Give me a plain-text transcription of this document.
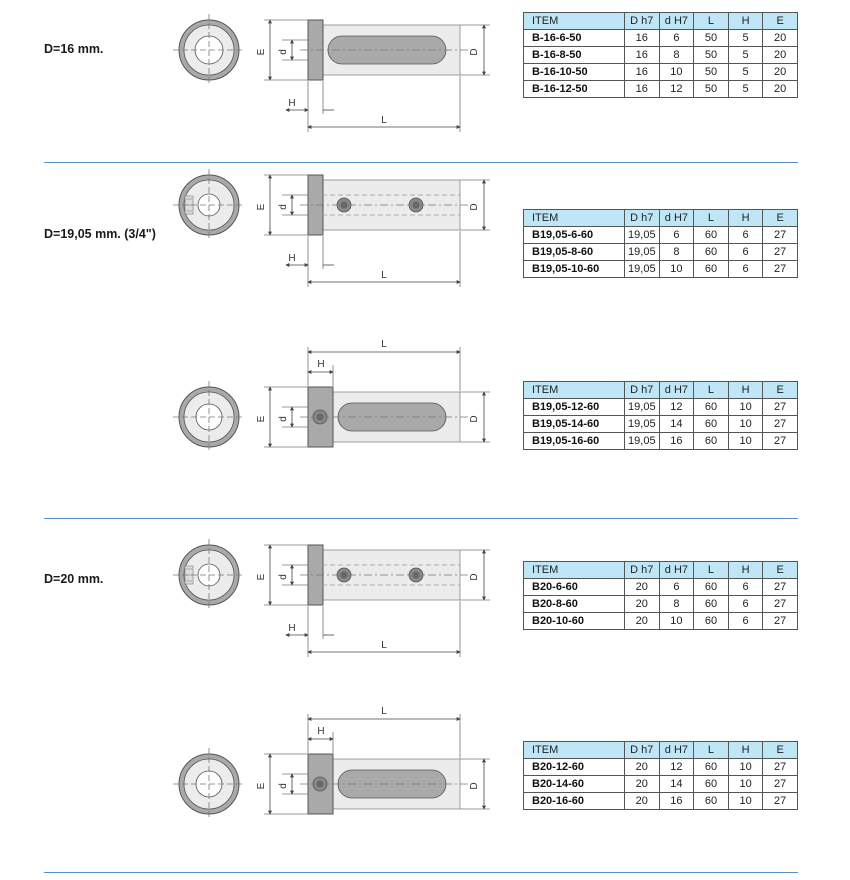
D=16 mm.	E d	D
H
L
ITEM	D h7	d H7	L	H	E
B-16-6-50	16	6	50	5	20
B-16-8-50	16	8	50	5	20
B-16-10-50	16	10	50	5	20
B-16-12-50	16	12	50	5	20
D=19,05 mm. (3/4")
E d	D
H
L
ITEM	D h7	d H7	L	H	E
B19,05-6-60	19,05	6	60	6	27
B19,05-8-60	19,05	8	60	6	27
B19,05-10-60	19,05	10	60	6	27
E d	D
H
L
ITEM	D h7	d H7	L	H	E
B19,05-12-60	19,05	12	60	10	27
B19,05-14-60	19,05	14	60	10	27
B19,05-16-60	19,05	16	60	10	27
D=20 mm.	E d	D
H
L
ITEM	D h7	d H7	L	H	E
B20-6-60	20	6	60	6	27
B20-8-60	20	8	60	6	27
B20-10-60	20	10	60	6	27
E d	D
H
L
ITEM	D h7	d H7	L	H	E
B20-12-60	20	12	60	10	27
B20-14-60	20	14	60	10	27
B20-16-60	20	16	60	10	27
